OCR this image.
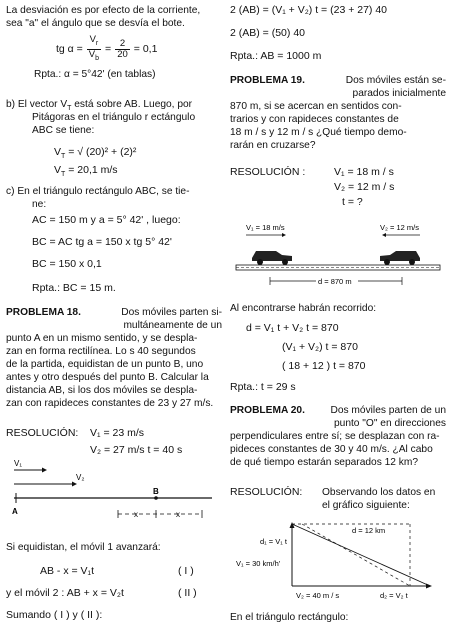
La desviación es por efecto de la corriente,
sea "a" el ángulo que se desvía el bote.
tg $\alpha = \frac{V_r}{V_b} = \frac{2}{20} = 0,1$
Rpta.: α = 5°42' (en tablas)
b) El vector $V_T$ está sobre AB. Luego, por
Pitágoras en el triángulo r ectángulo
ABC se tiene:
$V_T$ = √ (20)² + (2)²
$V_T = 20,1$ m/s
c) En el triángulo rectángulo ABC, se tie-
ne:
AC = 150 m y a = 5° 42' , luego:
BC = AC tg a = 150 x tg 5° 42'
BC = 150 x 0,1
Rpta.: BC = 15 m.
PROBLEMA 18.	Dos móviles parten si-
multáneamente de un
punto A en un mismo sentido, y se despla-
zan en forma rectilínea. Lo s 40 segundos
de la partida, equidistan de un punto B, uno
antes y otro después del punto B. Calcular la
distancia AB, si los dos móviles se despla-
zan con rapideces constantes de 23 y 27 m/s.
RESOLUCIÓN: V₁ = 23 m/s
V₂ = 27 m/s t = 40 s
V₁
V₂
A
B
x	x
Si equidistan, el móvil 1 avanzará:
AB - x = V₁t	( I )
y el móvil 2 : AB + x = V₂t	( II )
Sumando ( I ) y ( II ):
2 (AB) = (V₁ + V₂) t = (23 + 27) 40
2 (AB) = (50) 40
Rpta.: AB = 1000 m
PROBLEMA 19.	Dos móviles están se-
parados inicialmente
870 m, si se acercan en sentidos con-
trarios y con rapideces constantes de
18 m / s y 12 m / s ¿Qué tiempo demo-
rarán en cruzarse?
RESOLUCIÓN :	V₁ = 18 m / s
V₂ = 12 m / s
t = ?
V₁ = 18 m/s	V₂ = 12 m/s
d = 870 m
Al encontrarse habrán recorrido:
d = V₁ t + V₂ t = 870
(V₁ + V₂) t = 870
( 18 + 12 ) t = 870
Rpta.: t = 29 s
PROBLEMA 20.	Dos móviles parten de un
punto "O" en direcciones
perpendiculares entre sí; se desplazan con ra-
pideces constantes de 30 y 40 m/s. ¿Al cabo
de qué tiempo estarán separados 12 km?
RESOLUCIÓN: Observando los datos en
el gráfico siguiente:
d = 12 km
d₁ = V₁ t
V₁ = 30 km/h'
V₂ = 40 m / s	d₂ = V₂ t
En el triángulo rectángulo:
